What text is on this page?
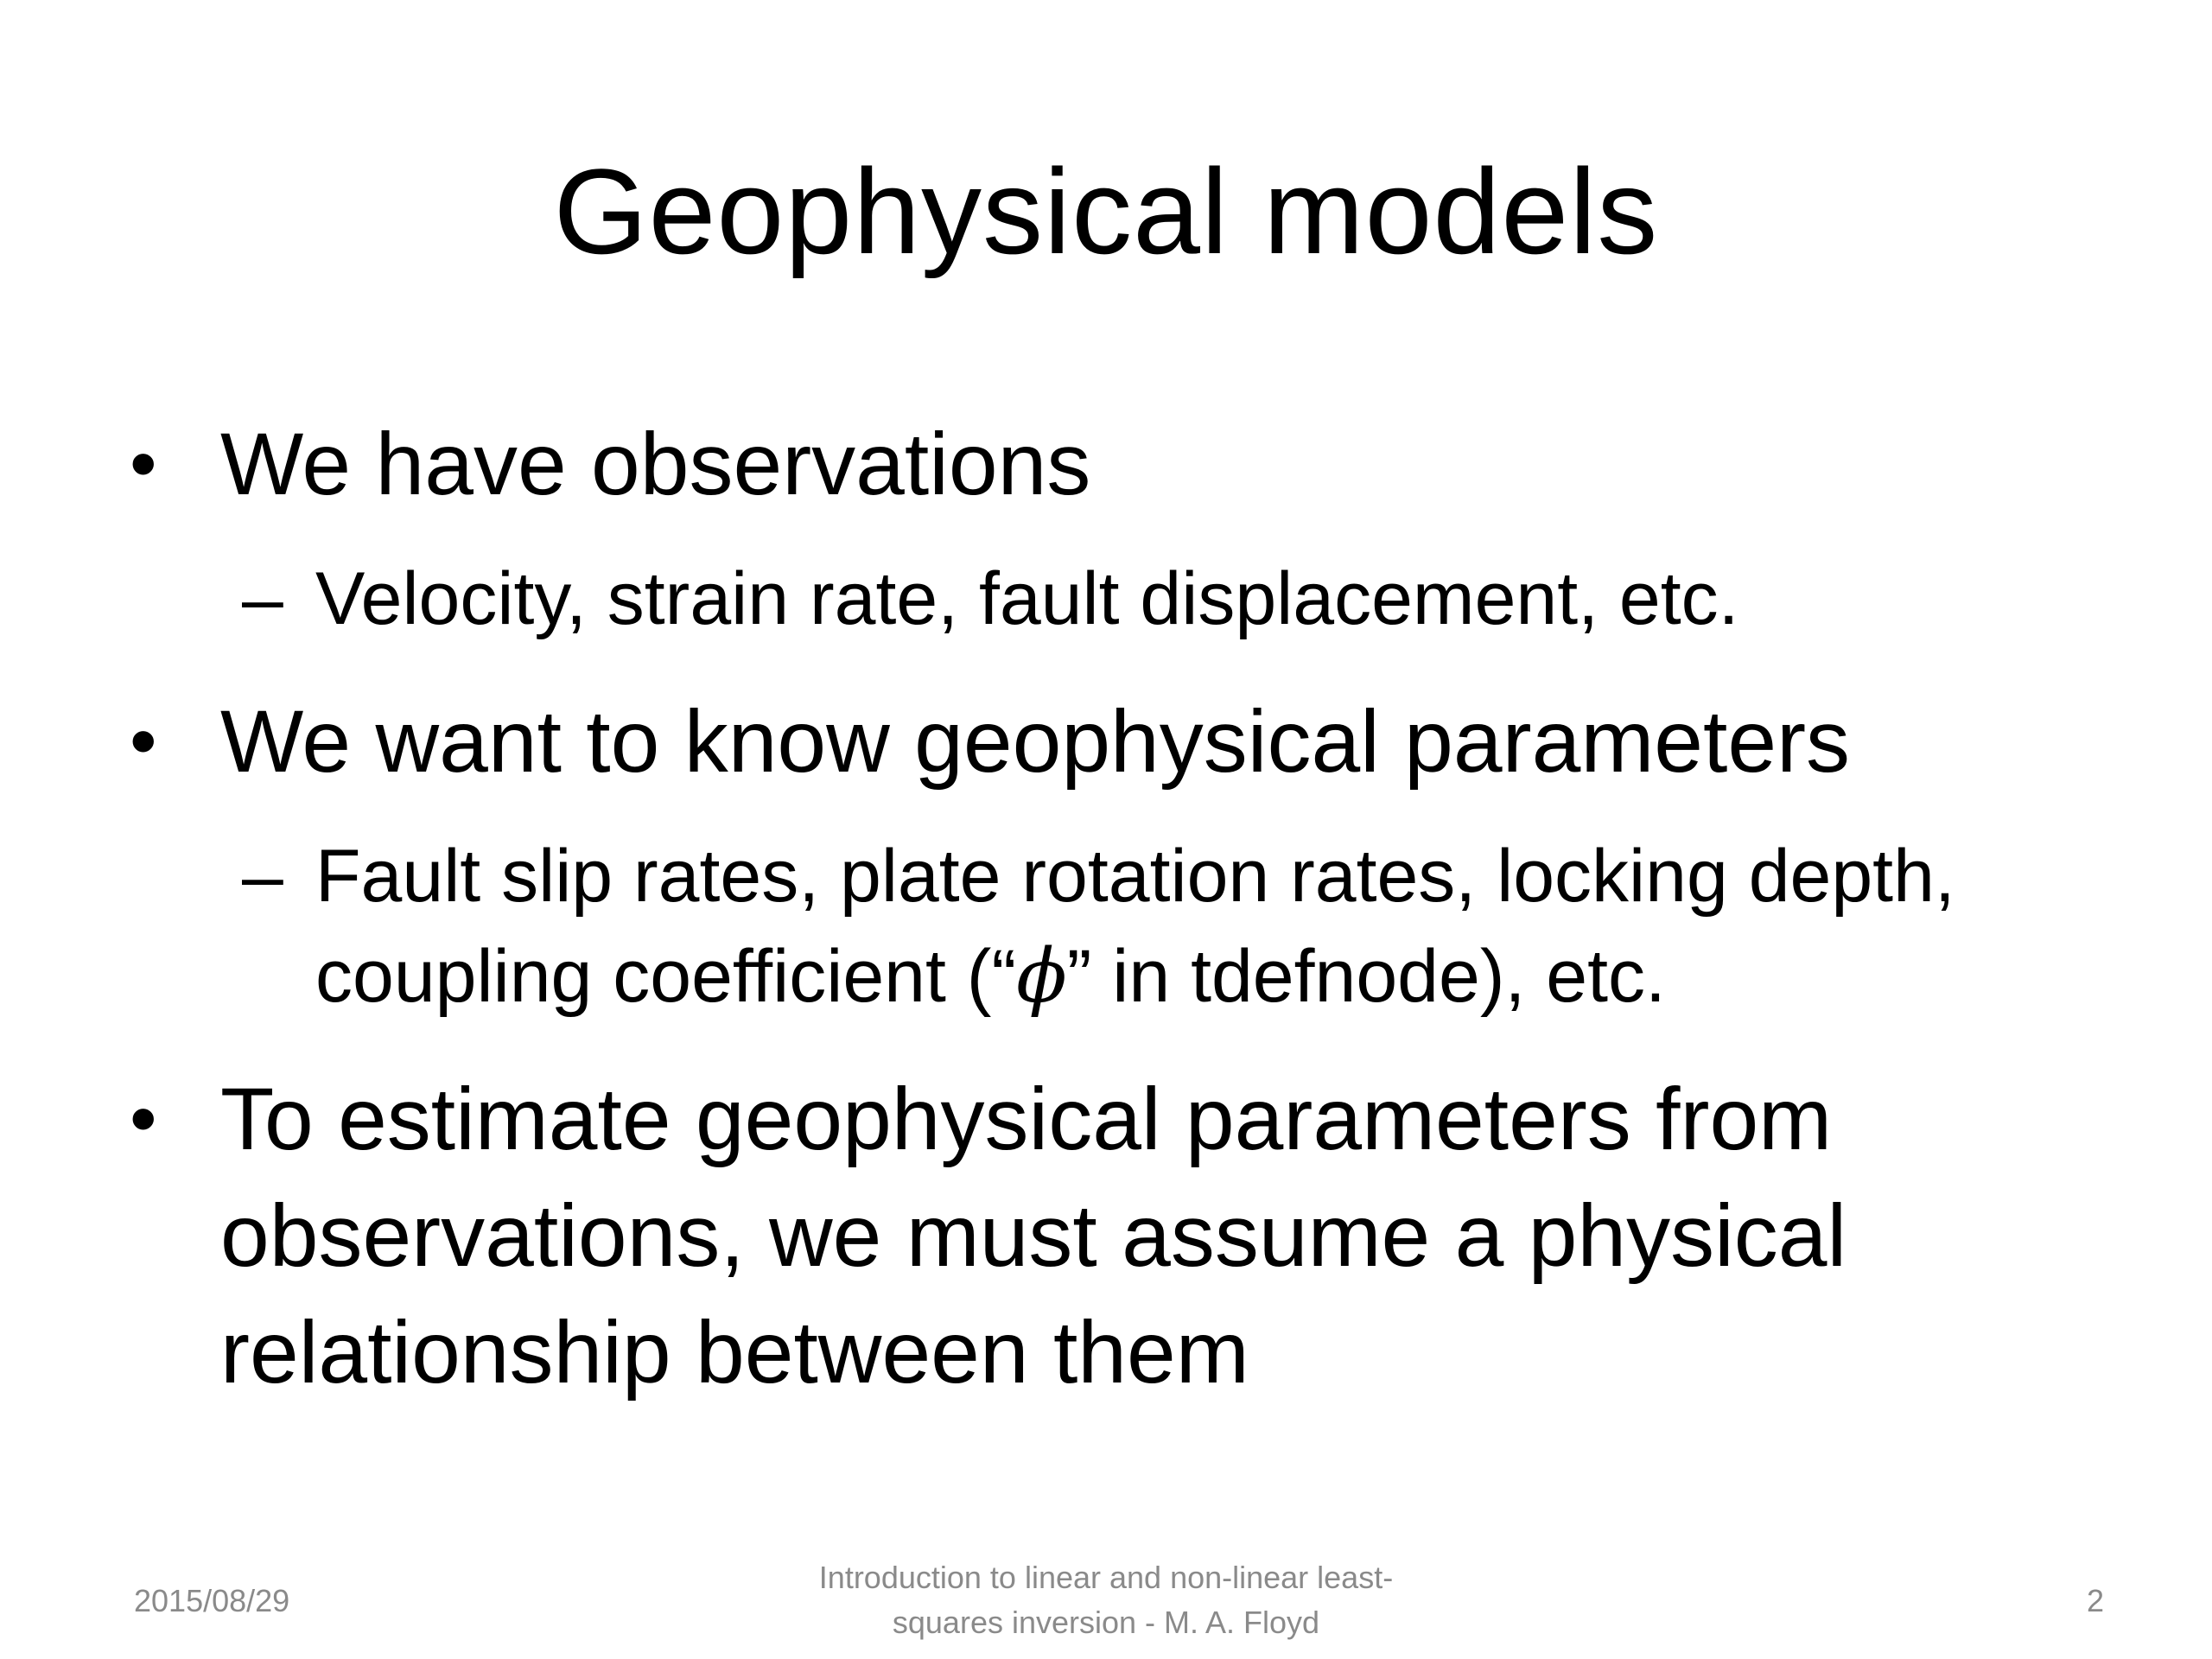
Geophysical models
• We have observations
– Velocity, strain rate, fault displacement, etc.
• We want to know geophysical parameters
– Fault slip rates, plate rotation rates, locking depth,
coupling coefficient (“ϕ” in tdefnode), etc.
• To estimate geophysical parameters from
observations, we must assume a physical
relationship between them
2015/08/29
Introduction to linear and non-linear least-
squares inversion - M. A. Floyd
2
